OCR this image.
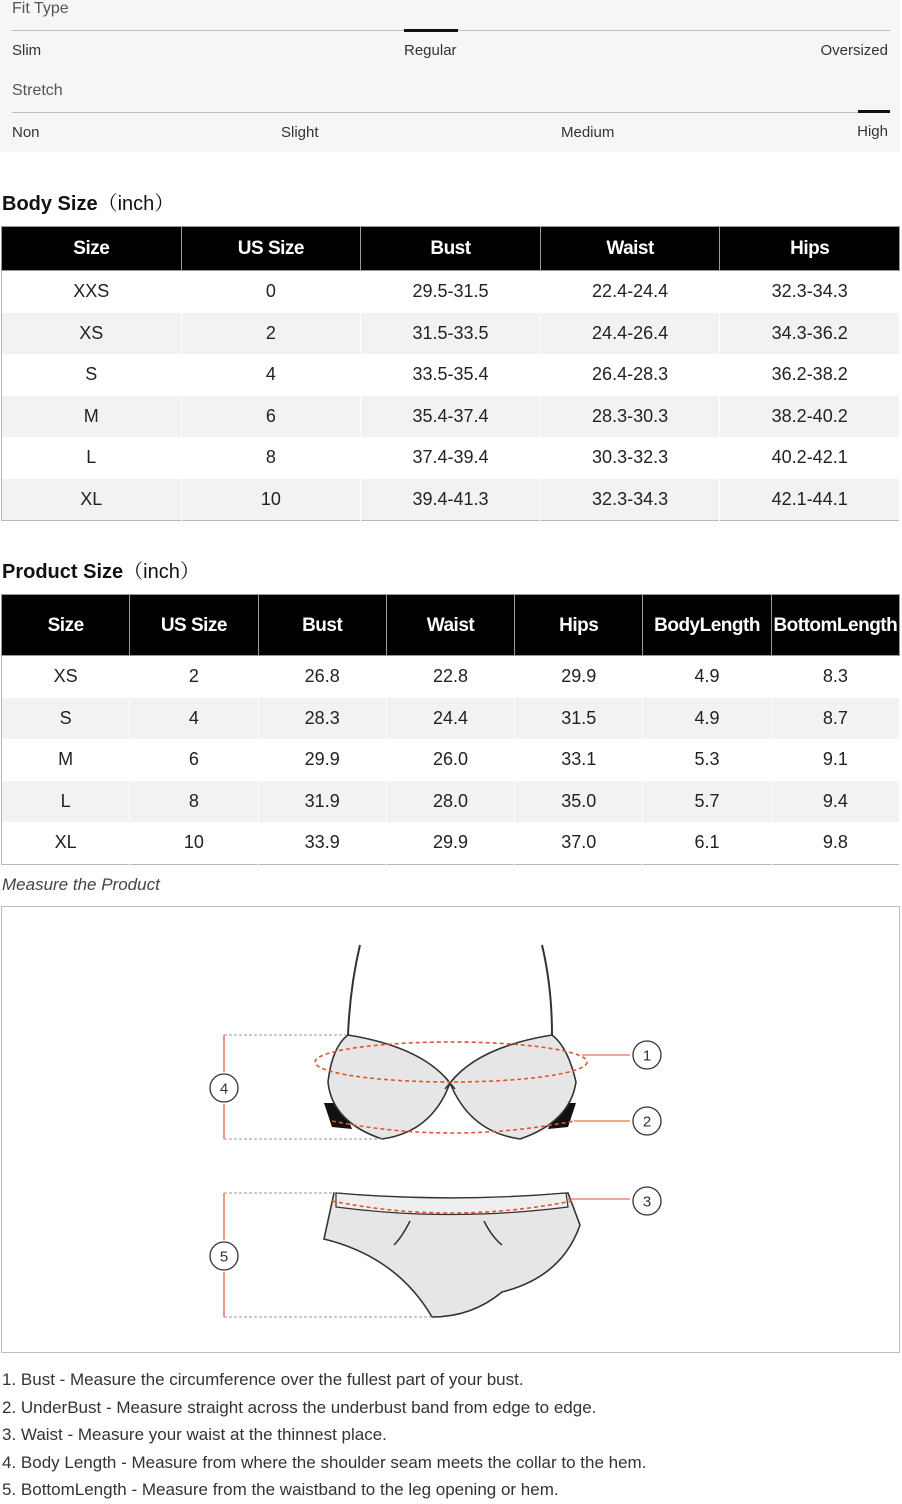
Fit Type
Slim	Regular	Oversized
Stretch
Non	Slight	Medium	High
Body Size（inch）
Size	US Size	Bust	Waist	Hips
XXS	0	29.5-31.5	22.4-24.4	32.3-34.3
XS	2	31.5-33.5	24.4-26.4	34.3-36.2
S	4	33.5-35.4	26.4-28.3	36.2-38.2
M	6	35.4-37.4	28.3-30.3	38.2-40.2
L	8	37.4-39.4	30.3-32.3	40.2-42.1
XL	10	39.4-41.3	32.3-34.3	42.1-44.1
Product Size（inch）
Size	US Size	Bust	Waist	Hips	BodyLength	BottomLength
XS	2	26.8	22.8	29.9	4.9	8.3
S	4	28.3	24.4	31.5	4.9	8.7
M	6	29.9	26.0	33.1	5.3	9.1
L	8	31.9	28.0	35.0	5.7	9.4
XL	10	33.9	29.9	37.0	6.1	9.8
Measure the Product
1
2
3
4
5
1. Bust - Measure the circumference over the fullest part of your bust.
2. UnderBust - Measure straight across the underbust band from edge to edge.
3. Waist - Measure your waist at the thinnest place.
4. Body Length - Measure from where the shoulder seam meets the collar to the hem.
5. BottomLength - Measure from the waistband to the leg opening or hem.
